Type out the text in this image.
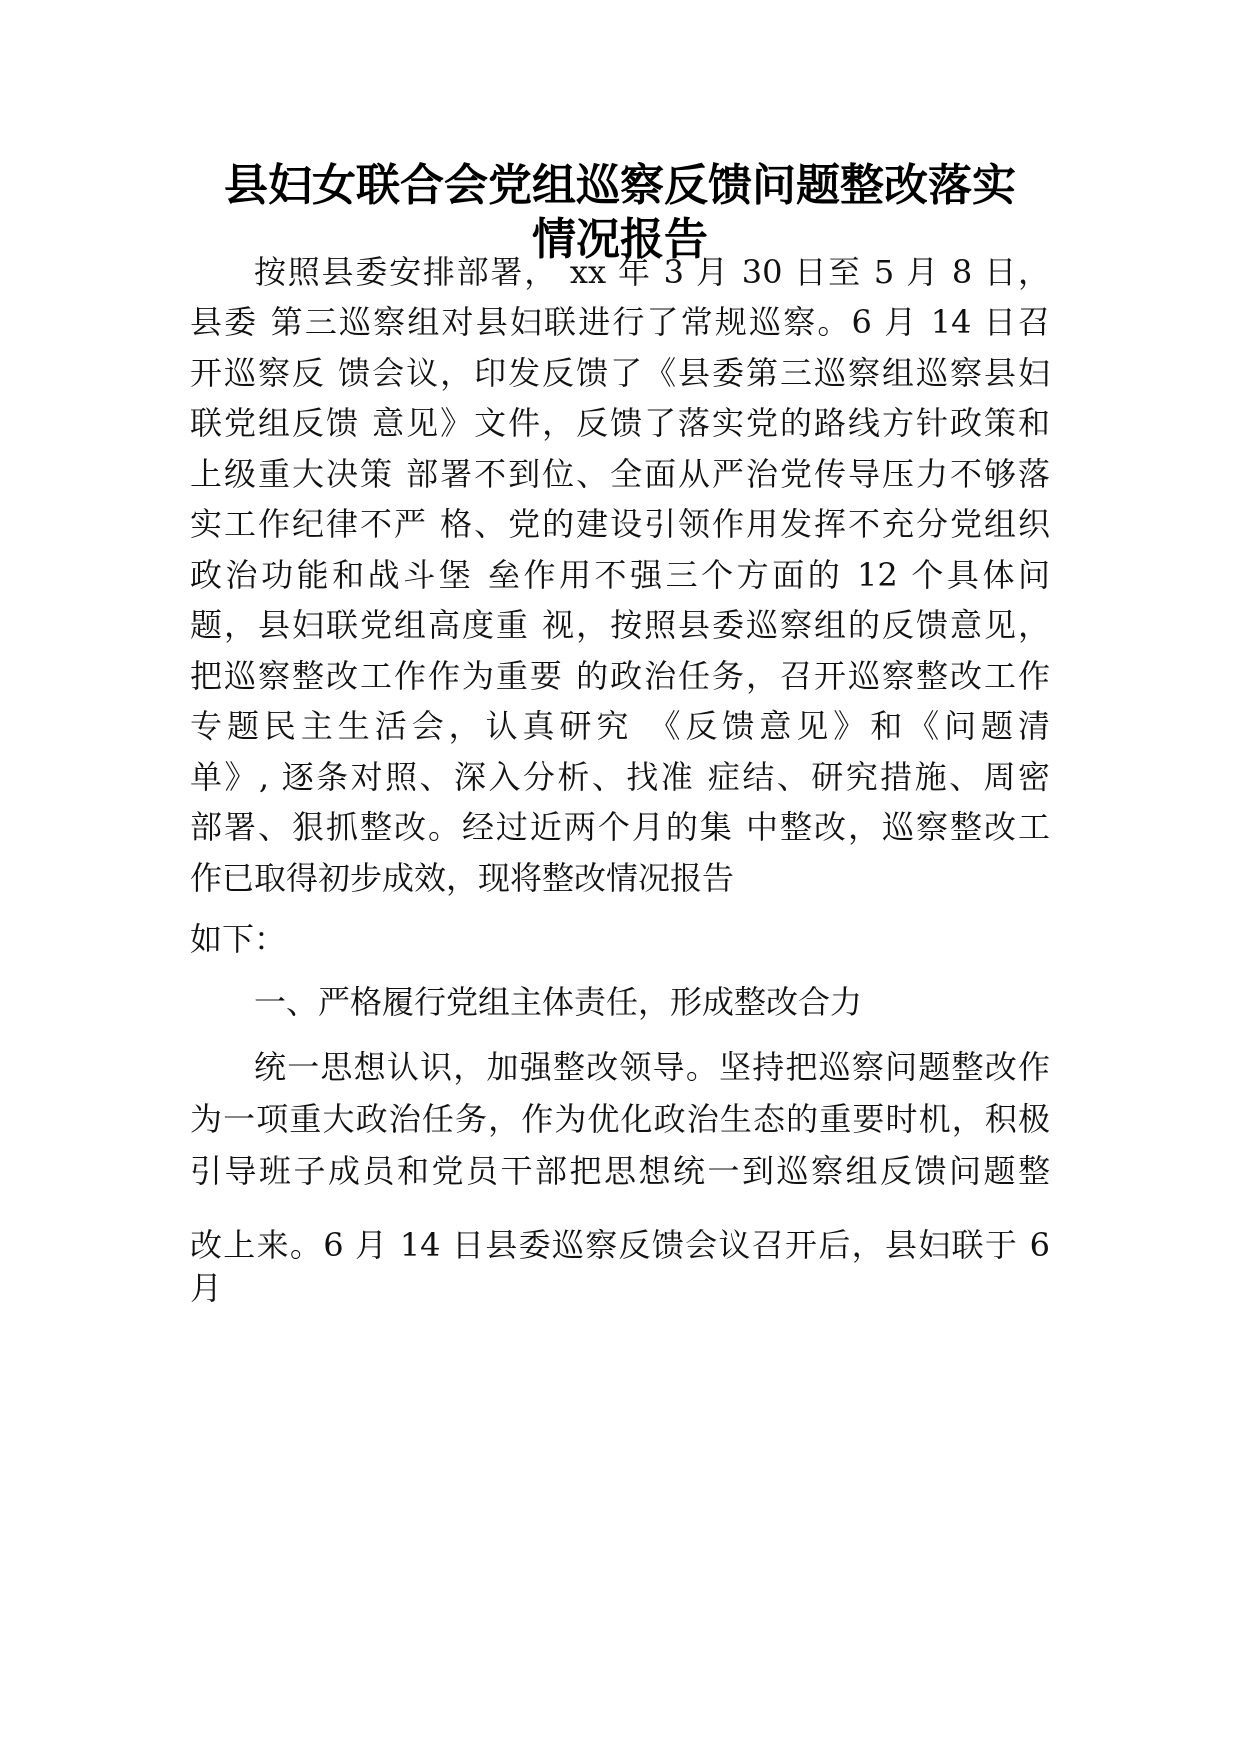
县妇女联合会党组巡察反馈问题整改落实
情况报告

按照县委安排部署， xx 年 3 月 30 日至 5 月 8 日，

县委 第三巡察组对县妇联进行了常规巡察。6 月 14 日召

开巡察反 馈会议，印发反馈了《县委第三巡察组巡察县妇

联党组反馈 意见》文件，反馈了落实党的路线方针政策和

上级重大决策 部署不到位、全面从严治党传导压力不够落

实工作纪律不严 格、党的建设引领作用发挥不充分党组织

政治功能和战斗堡 垒作用不强三个方面的 12 个具体问

题，县妇联党组高度重 视，按照县委巡察组的反馈意见，

把巡察整改工作作为重要 的政治任务，召开巡察整改工作

专题民主生活会，认真研究 《反馈意见》和《问题清

单》, 逐条对照、深入分析、找准 症结、研究措施、周密

部署、狠抓整改。经过近两个月的集 中整改，巡察整改工

作已取得初步成效，现将整改情况报告

如下：

一、严格履行党组主体责任，形成整改合力

统一思想认识，加强整改领导。坚持把巡察问题整改作

为一项重大政治任务，作为优化政治生态的重要时机，积极

引导班子成员和党员干部把思想统一到巡察组反馈问题整

改上来。6 月 14 日县委巡察反馈会议召开后，县妇联于 6

月
